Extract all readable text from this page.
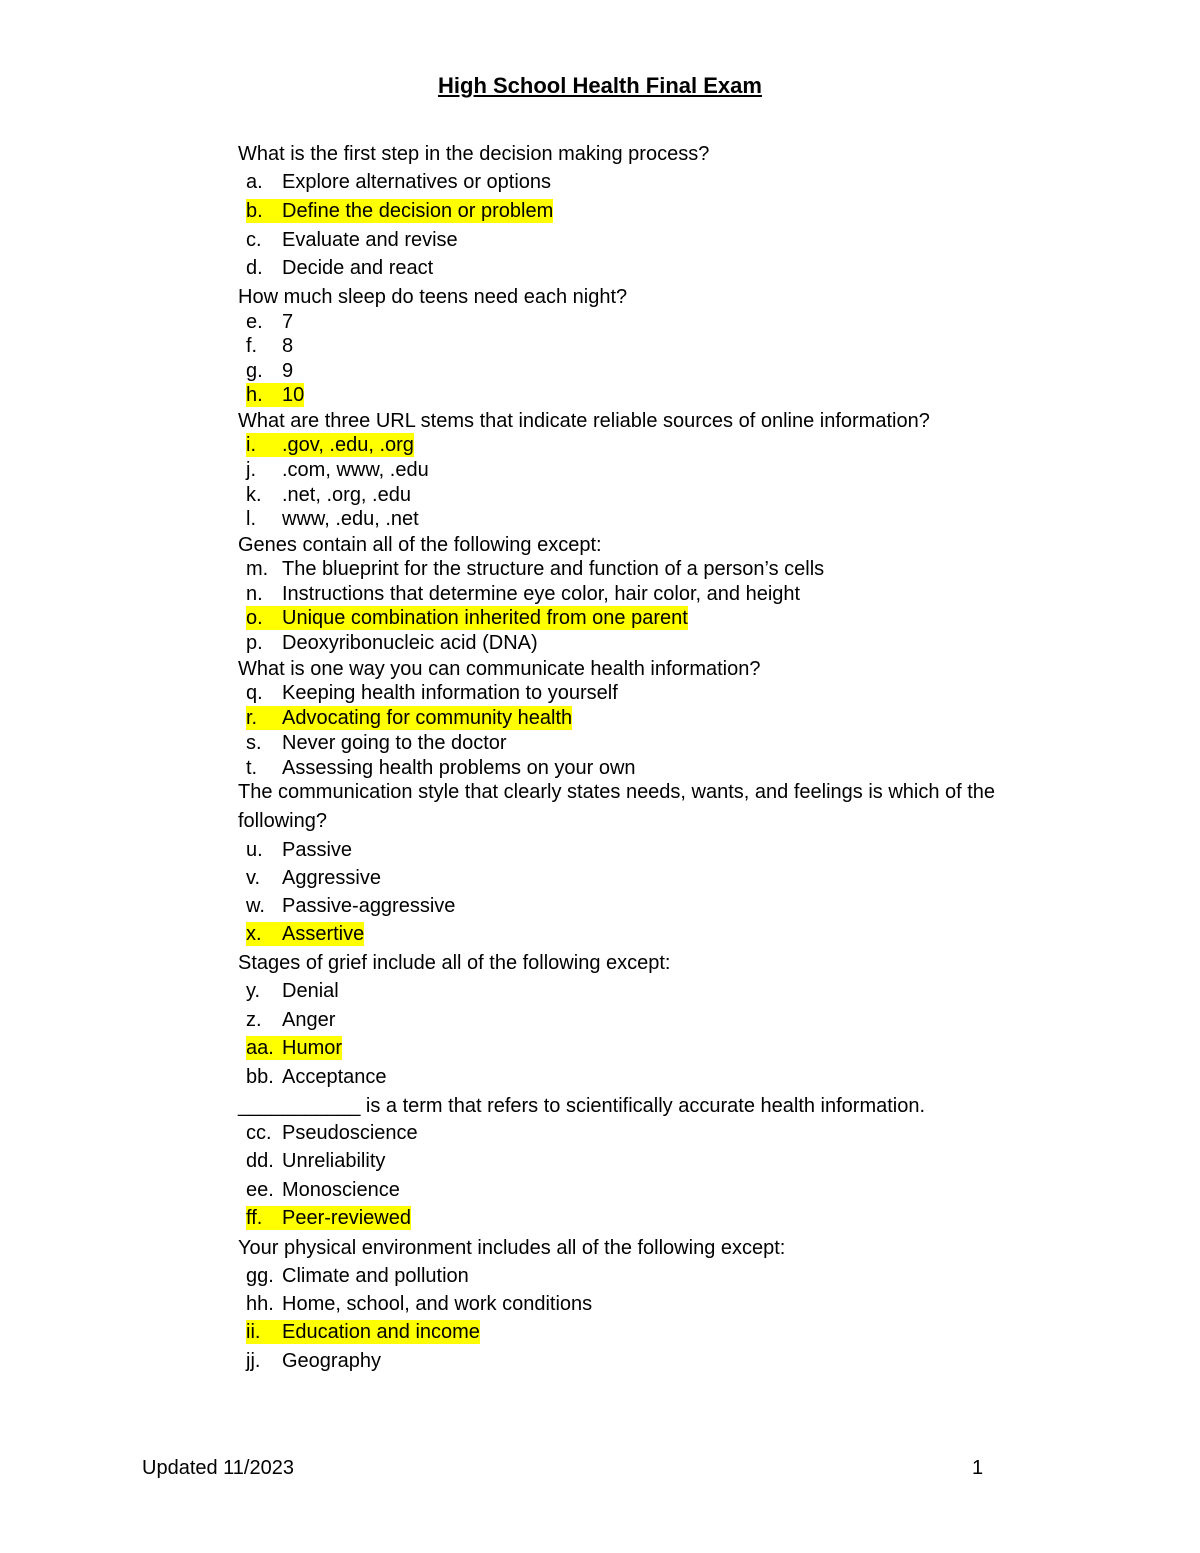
High School Health Final Exam
What is the first step in the decision making process?
a. Explore alternatives or options
b. Define the decision or problem
c. Evaluate and revise
d. Decide and react
How much sleep do teens need each night?
e. 7
f. 8
g. 9
h. 10
What are three URL stems that indicate reliable sources of online information?
i. .gov, .edu, .org
j. .com, www, .edu
k. .net, .org, .edu
l. www, .edu, .net
Genes contain all of the following except:
m. The blueprint for the structure and function of a person’s cells
n. Instructions that determine eye color, hair color, and height
o. Unique combination inherited from one parent
p. Deoxyribonucleic acid (DNA)
What is one way you can communicate health information?
q. Keeping health information to yourself
r. Advocating for community health
s. Never going to the doctor
t. Assessing health problems on your own
The communication style that clearly states needs, wants, and feelings is which of the following?
u. Passive
v. Aggressive
w. Passive-aggressive
x. Assertive
Stages of grief include all of the following except:
y. Denial
z. Anger
aa. Humor
bb. Acceptance
___________ is a term that refers to scientifically accurate health information.
cc. Pseudoscience
dd. Unreliability
ee. Monoscience
ff. Peer-reviewed
Your physical environment includes all of the following except:
gg. Climate and pollution
hh. Home, school, and work conditions
ii. Education and income
jj. Geography
Updated 11/2023	1
